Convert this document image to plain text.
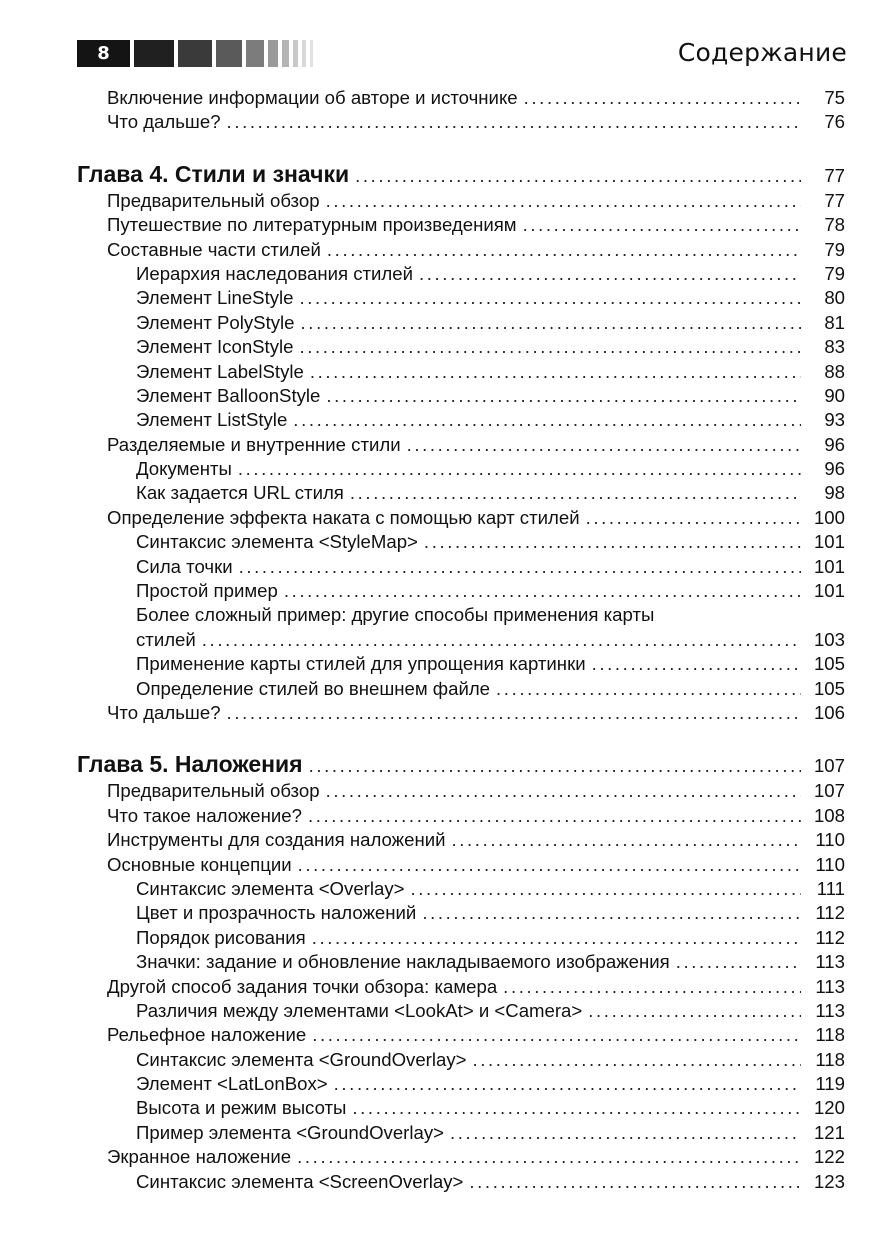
8	Содержание
Включение информации об авторе и источнике .....	75
Что дальше? .....	76
Глава 4. Стили и значки .....	77
Предварительный обзор .....	77
Путешествие по литературным произведениям .....	78
Составные части стилей .....	79
Иерархия наследования стилей .....	79
Элемент LineStyle .....	80
Элемент PolyStyle .....	81
Элемент IconStyle .....	83
Элемент LabelStyle .....	88
Элемент BalloonStyle .....	90
Элемент ListStyle .....	93
Разделяемые и внутренние стили .....	96
Документы .....	96
Как задается URL стиля .....	98
Определение эффекта наката с помощью карт стилей .....	100
Синтаксис элемента <StyleMap> .....	101
Сила точки .....	101
Простой пример .....	101
Более сложный пример: другие способы применения карты
стилей .....	103
Применение карты стилей для упрощения картинки .....	105
Определение стилей во внешнем файле .....	105
Что дальше? .....	106
Глава 5. Наложения .....	107
Предварительный обзор .....	107
Что такое наложение? .....	108
Инструменты для создания наложений .....	110
Основные концепции .....	110
Синтаксис элемента <Overlay> .....	111
Цвет и прозрачность наложений .....	112
Порядок рисования .....	112
Значки: задание и обновление накладываемого изображения .....	113
Другой способ задания точки обзора: камера .....	113
Различия между элементами <LookAt> и <Camera> .....	113
Рельефное наложение .....	118
Синтаксис элемента <GroundOverlay> .....	118
Элемент <LatLonBox> .....	119
Высота и режим высоты .....	120
Пример элемента <GroundOverlay> .....	121
Экранное наложение .....	122
Синтаксис элемента <ScreenOverlay> .....	123
